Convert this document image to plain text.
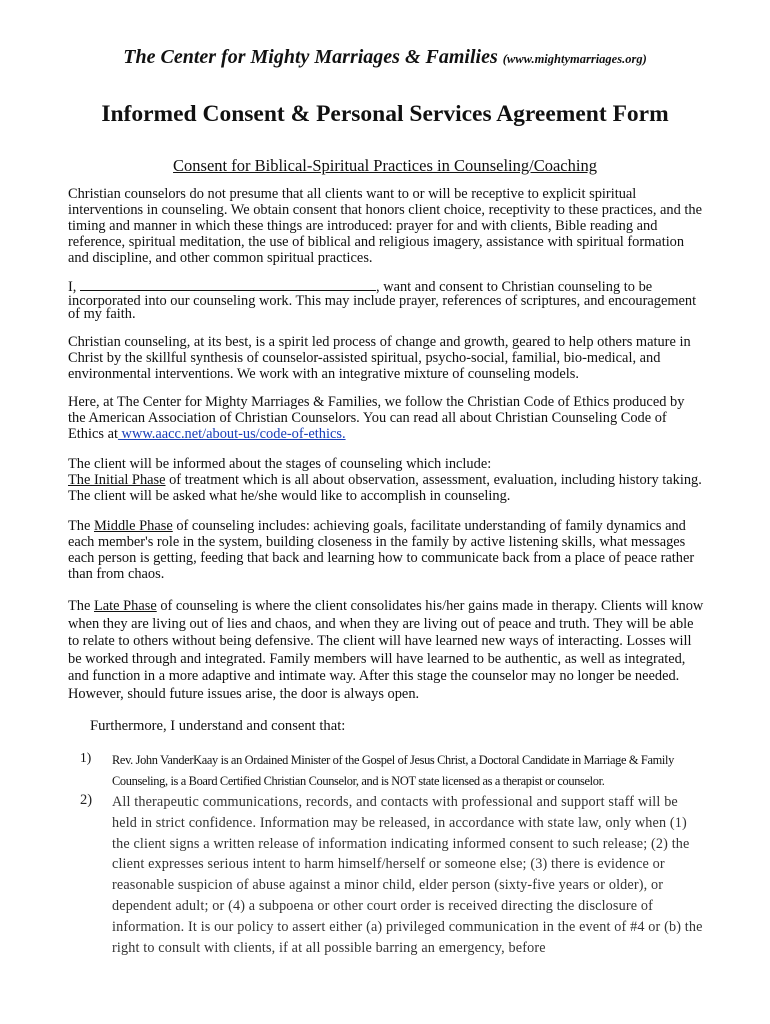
The Center for Mighty Marriages & Families (www.mightymarriages.org)
Informed Consent & Personal Services Agreement Form
Consent for Biblical-Spiritual Practices in Counseling/Coaching

Christian counselors do not presume that all clients want to or will be receptive to explicit spiritual interventions in counseling. We obtain consent that honors client choice, receptivity to these practices, and the timing and manner in which these things are introduced: prayer for and with clients, Bible reading and reference, spiritual meditation, the use of biblical and religious imagery, assistance with spiritual formation and discipline, and other common spiritual practices.

I,	, want and consent to Christian counseling to be incorporated into our counseling work. This may include prayer, references of scriptures, and encouragement of my faith.

Christian counseling, at its best, is a spirit led process of change and growth, geared to help others mature in Christ by the skillful synthesis of counselor-assisted spiritual, psycho-social, familial, bio-medical, and environmental interventions. We work with an integrative mixture of counseling models.

Here, at The Center for Mighty Marriages & Families, we follow the Christian Code of Ethics produced by the American Association of Christian Counselors. You can read all about Christian Counseling Code of Ethics at www.aacc.net/about-us/code-of-ethics.

The client will be informed about the stages of counseling which include:

The Initial Phase of treatment which is all about observation, assessment, evaluation, including history taking. The client will be asked what he/she would like to accomplish in counseling.

The Middle Phase of counseling includes: achieving goals, facilitate understanding of family dynamics and each member's role in the system, building closeness in the family by active listening skills, what messages each person is getting, feeding that back and learning how to communicate back from a place of peace rather than from chaos.

The Late Phase of counseling is where the client consolidates his/her gains made in therapy. Clients will know when they are living out of lies and chaos, and when they are living out of peace and truth. They will be able to relate to others without being defensive. The client will have learned new ways of interacting. Losses will be worked through and integrated. Family members will have learned to be authentic, as well as integrated, and function in a more adaptive and intimate way. After this stage the counselor may no longer be needed. However, should future issues arise, the door is always open.

Furthermore, I understand and consent that:
1) Rev. John VanderKaay is an Ordained Minister of the Gospel of Jesus Christ, a Doctoral Candidate in Marriage & Family Counseling, is a Board Certified Christian Counselor, and is NOT state licensed as a therapist or counselor.
2) All therapeutic communications, records, and contacts with professional and support staff will be held in strict confidence. Information may be released, in accordance with state law, only when (1) the client signs a written release of information indicating informed consent to such release; (2) the client expresses serious intent to harm himself/herself or someone else; (3) there is evidence or reasonable suspicion of abuse against a minor child, elder person (sixty-five years or older), or dependent adult; or (4) a subpoena or other court order is received directing the disclosure of information. It is our policy to assert either (a) privileged communication in the event of #4 or (b) the right to consult with clients, if at all possible barring an emergency, before
